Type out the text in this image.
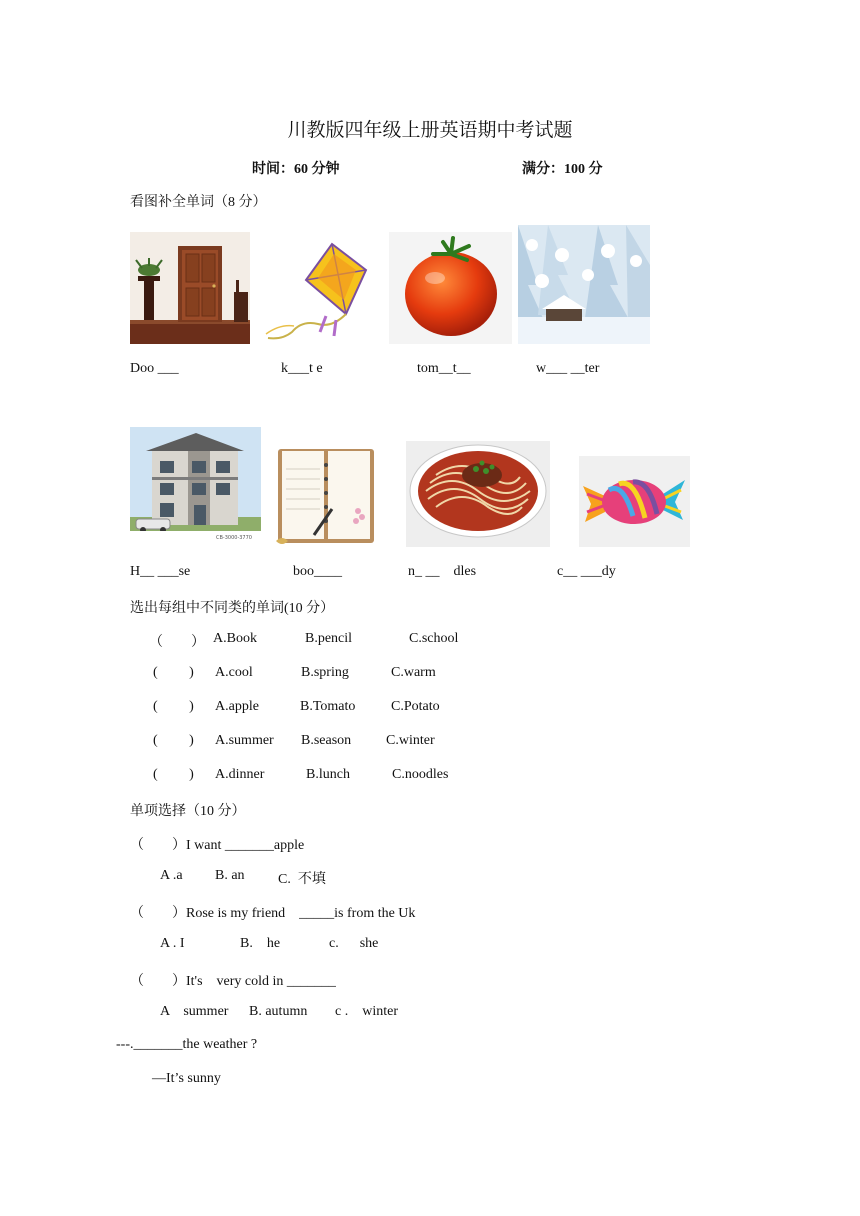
川教版四年级上册英语期中考试题
时间：60 分钟	满分：100 分
看图补全单词（8 分）
Doo ___	k___t e	tom__t__	w___ __ter
CB-3000-3770
H__ ___se	boo____	n_ __    dles	c__ ___dy
选出每组中不同类的单词(10 分）
（        ） A.Book	B.pencil	C.school
(         ) A.cool	B.spring	C.warm
(         ) A.apple	B.Tomato	C.Potato
(         ) A.summer B.season C.winter
(         ) A.dinner	B.lunch	C.noodles
单项选择（10 分）
（        ）I want _______apple
A .a B. an C.  不填
（        ）Rose is my friend    _____is from the Uk
A . I	B.    he	c.      she
（        ）It's    very cold in _______
A    summer B. autumn c .    winter
---._______the weather ?
—It’s sunny
